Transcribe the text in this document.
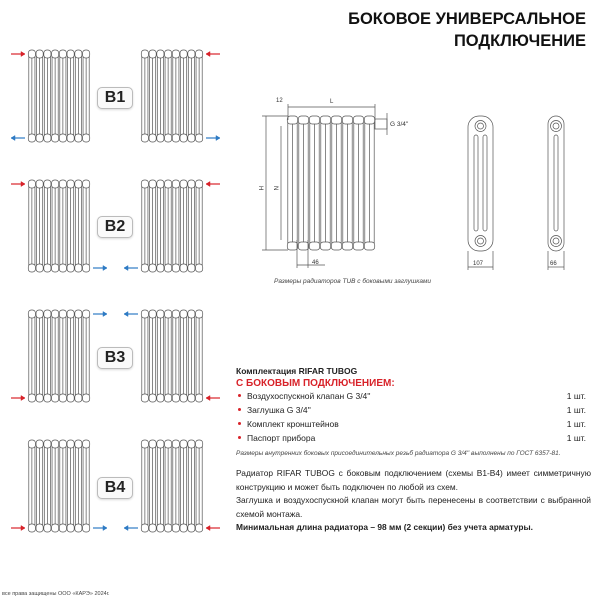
БОКОВОЕ УНИВЕРСАЛЬНОЕ
ПОДКЛЮЧЕНИЕ
B1
B2
B3
B4
12	L
G 3/4''
H N
46	107	66
Размеры радиаторов TUB с боковыми заглушками
Комплектация RIFAR TUBOG
С БОКОВЫМ ПОДКЛЮЧЕНИЕМ:
Воздухоспускной клапан G 3/4''	1 шт.
Заглушка G 3/4''	1 шт.
Комплект кронштейнов	1 шт.
Паспорт прибора	1 шт.
Размеры внутренних боковых присоединительных резьб радиатора G 3/4'' выполнены по ГОСТ 6357-81.
Радиатор RIFAR TUBOG с боковым подключением (схемы B1-B4) имеет симметричную конструкцию и может быть подключен по любой из схем.
Заглушка и воздухоспускной клапан могут быть перенесены в соответствии с выбранной схемой монтажа.
Минимальная длина радиатора – 98 мм (2 секции) без учета арматуры.
все права защищены ООО «КАРЭ» 2024г.
